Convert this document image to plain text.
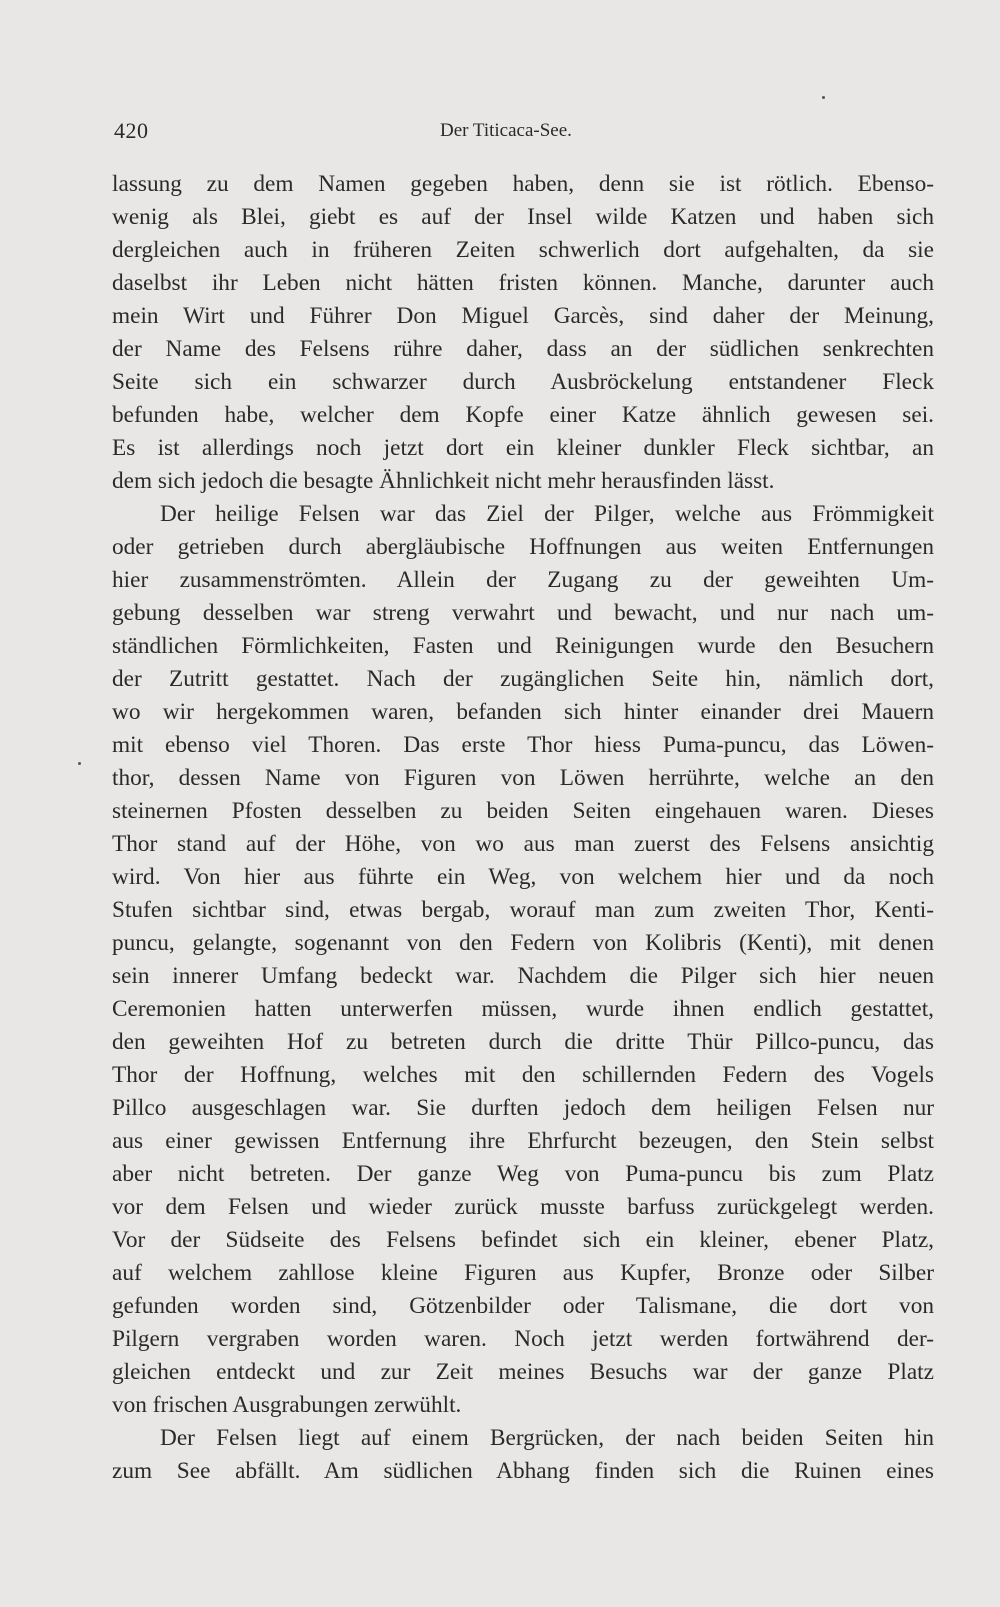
420	Der Titicaca-See.
lassung zu dem Namen gegeben haben, denn sie ist rötlich. Ebenso-
wenig als Blei, giebt es auf der Insel wilde Katzen und haben sich
dergleichen auch in früheren Zeiten schwerlich dort aufgehalten, da sie
daselbst ihr Leben nicht hätten fristen können. Manche, darunter auch
mein Wirt und Führer Don Miguel Garcès, sind daher der Meinung,
der Name des Felsens rühre daher, dass an der südlichen senkrechten
Seite sich ein schwarzer durch Ausbröckelung entstandener Fleck
befunden habe, welcher dem Kopfe einer Katze ähnlich gewesen sei.
Es ist allerdings noch jetzt dort ein kleiner dunkler Fleck sichtbar, an
dem sich jedoch die besagte Ähnlichkeit nicht mehr herausfinden lässt.
Der heilige Felsen war das Ziel der Pilger, welche aus Frömmigkeit
oder getrieben durch abergläubische Hoffnungen aus weiten Entfernungen
hier zusammenströmten. Allein der Zugang zu der geweihten Um-
gebung desselben war streng verwahrt und bewacht, und nur nach um-
ständlichen Förmlichkeiten, Fasten und Reinigungen wurde den Besuchern
der Zutritt gestattet. Nach der zugänglichen Seite hin, nämlich dort,
wo wir hergekommen waren, befanden sich hinter einander drei Mauern
mit ebenso viel Thoren. Das erste Thor hiess Puma-puncu, das Löwen-
thor, dessen Name von Figuren von Löwen herrührte, welche an den
steinernen Pfosten desselben zu beiden Seiten eingehauen waren. Dieses
Thor stand auf der Höhe, von wo aus man zuerst des Felsens ansichtig
wird. Von hier aus führte ein Weg, von welchem hier und da noch
Stufen sichtbar sind, etwas bergab, worauf man zum zweiten Thor, Kenti-
puncu, gelangte, sogenannt von den Federn von Kolibris (Kenti), mit denen
sein innerer Umfang bedeckt war. Nachdem die Pilger sich hier neuen
Ceremonien hatten unterwerfen müssen, wurde ihnen endlich gestattet,
den geweihten Hof zu betreten durch die dritte Thür Pillco-puncu, das
Thor der Hoffnung, welches mit den schillernden Federn des Vogels
Pillco ausgeschlagen war. Sie durften jedoch dem heiligen Felsen nur
aus einer gewissen Entfernung ihre Ehrfurcht bezeugen, den Stein selbst
aber nicht betreten. Der ganze Weg von Puma-puncu bis zum Platz
vor dem Felsen und wieder zurück musste barfuss zurückgelegt werden.
Vor der Südseite des Felsens befindet sich ein kleiner, ebener Platz,
auf welchem zahllose kleine Figuren aus Kupfer, Bronze oder Silber
gefunden worden sind, Götzenbilder oder Talismane, die dort von
Pilgern vergraben worden waren. Noch jetzt werden fortwährend der-
gleichen entdeckt und zur Zeit meines Besuchs war der ganze Platz
von frischen Ausgrabungen zerwühlt.
Der Felsen liegt auf einem Bergrücken, der nach beiden Seiten hin
zum See abfällt. Am südlichen Abhang finden sich die Ruinen eines
